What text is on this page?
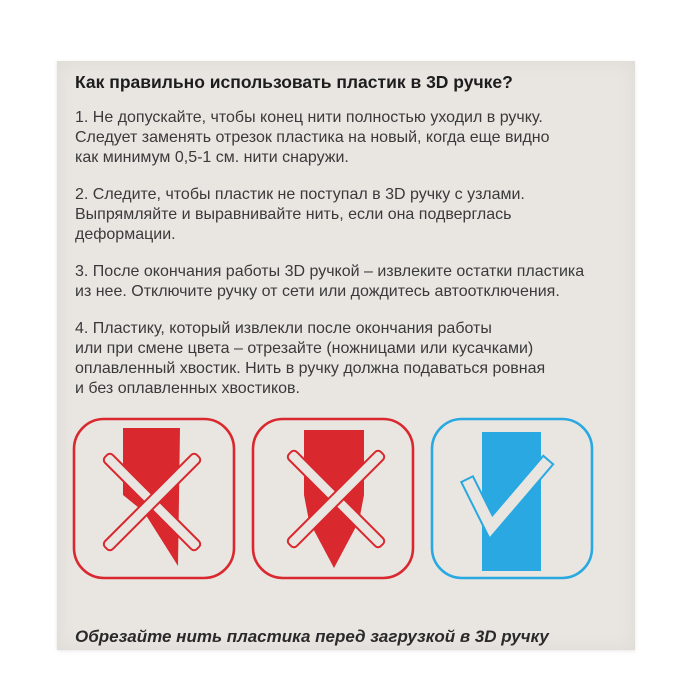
Как правильно использовать пластик в 3D ручке?
1. Не допускайте, чтобы конец нити полностью уходил в ручку.
Следует заменять отрезок пластика на новый, когда еще видно
как минимум 0,5-1 см. нити снаружи.
2. Следите, чтобы пластик не поступал в 3D ручку с узлами.
Выпрямляйте и выравнивайте нить, если она подверглась
деформации.
3. После окончания работы 3D ручкой – извлеките остатки пластика
из нее. Отключите ручку от сети или дождитесь автоотключения.
4. Пластику, который извлекли после окончания работы
или при смене цвета – отрезайте (ножницами или кусачками)
оплавленный хвостик. Нить в ручку должна подаваться ровная
и без оплавленных хвостиков.
Обрезайте нить пластика перед загрузкой в 3D ручку
